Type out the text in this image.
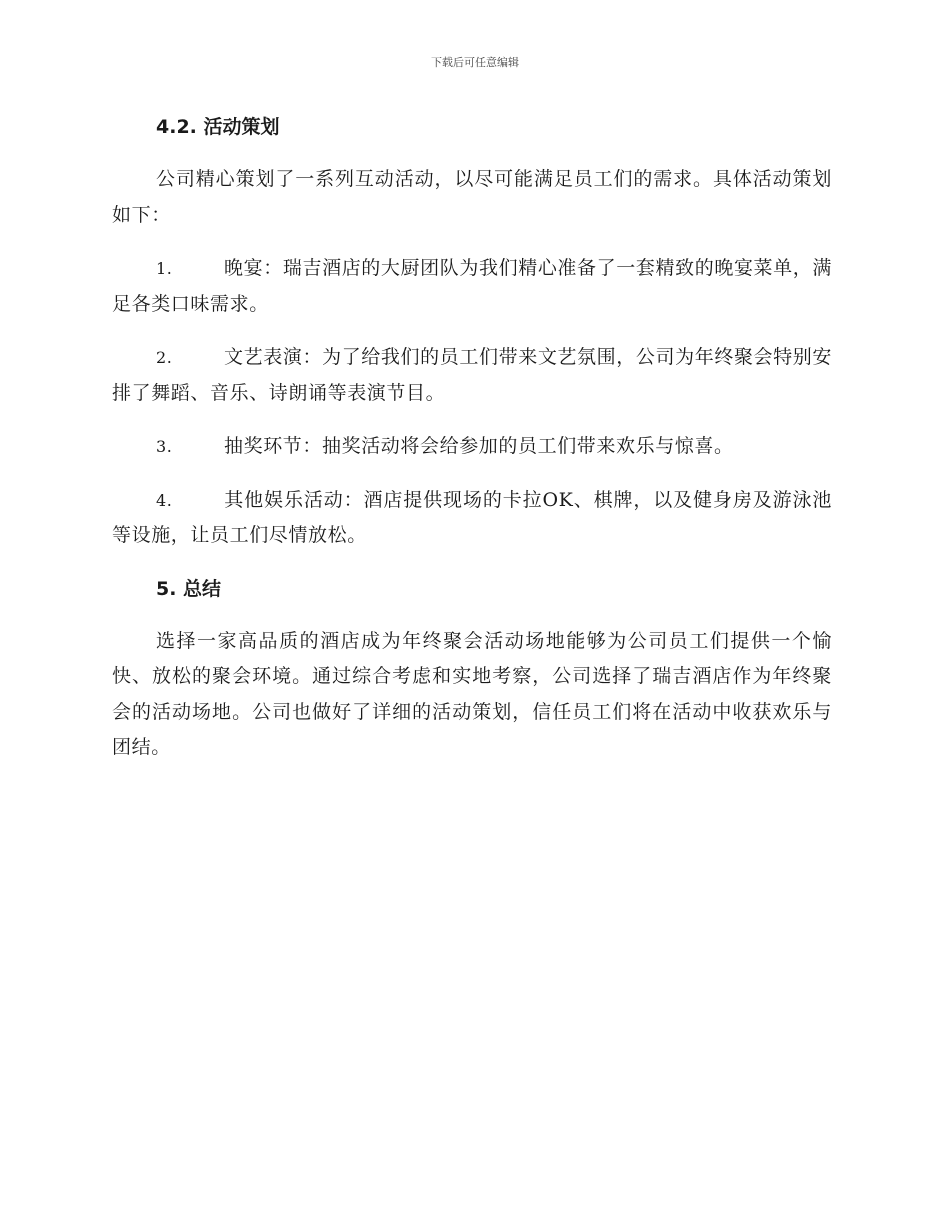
下载后可任意编辑
4.2. 活动策划

公司精心策划了一系列互动活动，以尽可能满足员工们的需求。具体活动策划如下：

1.	晚宴：瑞吉酒店的大厨团队为我们精心准备了一套精致的晚宴菜单，满足各类口味需求。

2.	文艺表演：为了给我们的员工们带来文艺氛围，公司为年终聚会特别安排了舞蹈、音乐、诗朗诵等表演节目。

3.	抽奖环节：抽奖活动将会给参加的员工们带来欢乐与惊喜。

4.	其他娱乐活动：酒店提供现场的卡拉OK、棋牌，以及健身房及游泳池等设施，让员工们尽情放松。

5. 总结

选择一家高品质的酒店成为年终聚会活动场地能够为公司员工们提供一个愉快、放松的聚会环境。通过综合考虑和实地考察，公司选择了瑞吉酒店作为年终聚会的活动场地。公司也做好了详细的活动策划，信任员工们将在活动中收获欢乐与团结。
